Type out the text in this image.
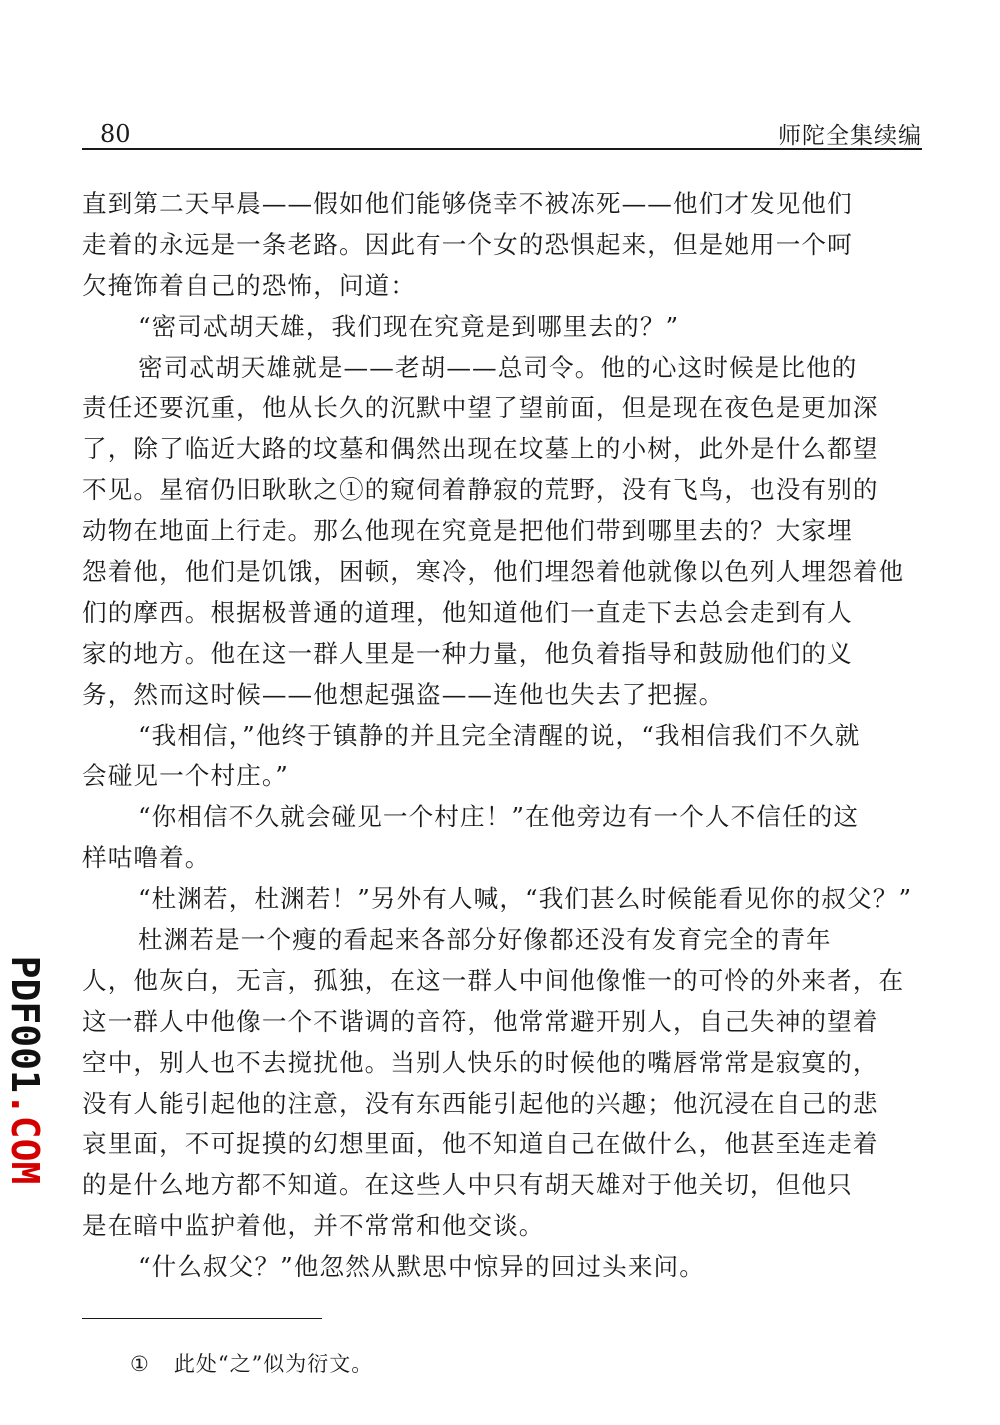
80	师陀全集续编
直到第二天早晨——假如他们能够侥幸不被冻死——他们才发见他们
走着的永远是一条老路。因此有一个女的恐惧起来，但是她用一个呵
欠掩饰着自己的恐怖，问道：
“密司忒胡天雄，我们现在究竟是到哪里去的？”
密司忒胡天雄就是——老胡——总司令。他的心这时候是比他的
责任还要沉重，他从长久的沉默中望了望前面，但是现在夜色是更加深
了，除了临近大路的坟墓和偶然出现在坟墓上的小树，此外是什么都望
不见。星宿仍旧耿耿之①的窥伺着静寂的荒野，没有飞鸟，也没有别的
动物在地面上行走。那么他现在究竟是把他们带到哪里去的？大家埋
怨着他，他们是饥饿，困顿，寒冷，他们埋怨着他就像以色列人埋怨着他
们的摩西。根据极普通的道理，他知道他们一直走下去总会走到有人
家的地方。他在这一群人里是一种力量，他负着指导和鼓励他们的义
务，然而这时候——他想起强盗——连他也失去了把握。
“我相信，”他终于镇静的并且完全清醒的说，“我相信我们不久就
会碰见一个村庄。”
“你相信不久就会碰见一个村庄！”在他旁边有一个人不信任的这
样咕噜着。
“杜渊若，杜渊若！”另外有人喊，“我们甚么时候能看见你的叔父？”
杜渊若是一个瘦的看起来各部分好像都还没有发育完全的青年
人，他灰白，无言，孤独，在这一群人中间他像惟一的可怜的外来者，在
这一群人中他像一个不谐调的音符，他常常避开别人，自己失神的望着
空中，别人也不去搅扰他。当别人快乐的时候他的嘴唇常常是寂寞的，
没有人能引起他的注意，没有东西能引起他的兴趣；他沉浸在自己的悲
哀里面，不可捉摸的幻想里面，他不知道自己在做什么，他甚至连走着
的是什么地方都不知道。在这些人中只有胡天雄对于他关切，但他只
是在暗中监护着他，并不常常和他交谈。
“什么叔父？”他忽然从默思中惊异的回过头来问。
① 此处“之”似为衍文。
PDF001.COM
